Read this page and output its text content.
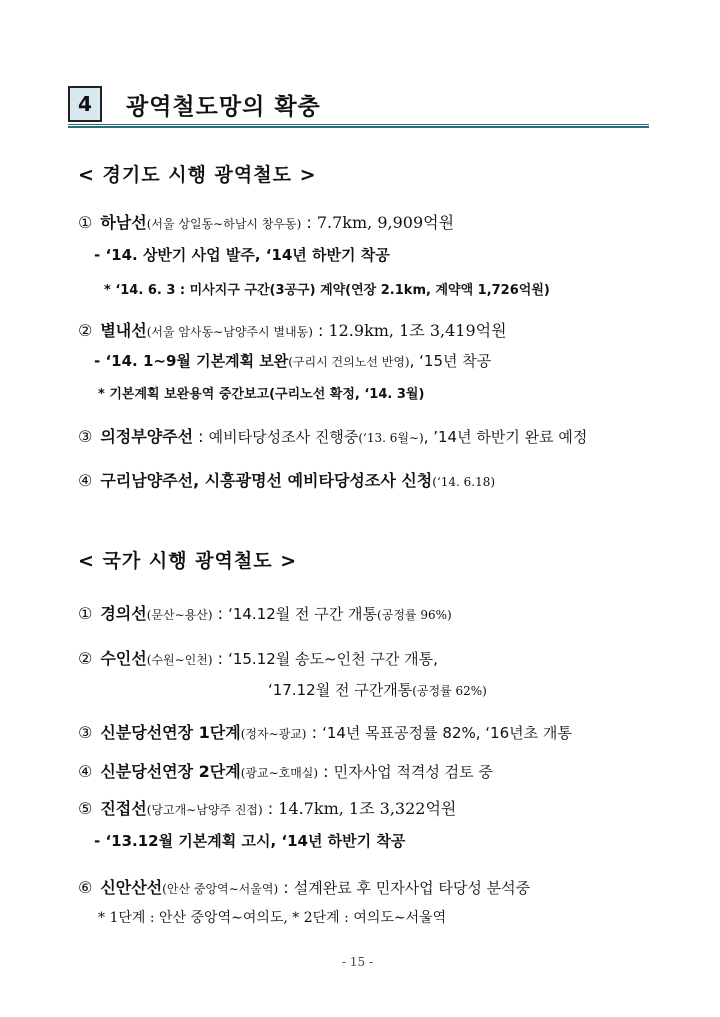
4 광역철도망의 확충
< 경기도 시행 광역철도 >
① 하남선(서울 상일동∼하남시 창우동) : 7.7km, 9,909억원
- ‘14. 상반기 사업 발주, ‘14년 하반기 착공
* ‘14. 6. 3 : 미사지구 구간(3공구) 계약(연장 2.1km, 계약액 1,726억원)
② 별내선(서울 암사동∼남양주시 별내동) : 12.9km, 1조 3,419억원
- ‘14. 1∼9월 기본계획 보완(구리시 건의노선 반영), ‘15년 착공
* 기본계획 보완용역 중간보고(구리노선 확정, ‘14. 3월)
③ 의정부양주선 : 예비타당성조사 진행중(‘13. 6월∼), ’14년 하반기 완료 예정
④ 구리남양주선, 시흥광명선 예비타당성조사 신청(‘14. 6.18)
< 국가 시행 광역철도 >
① 경의선(문산∼용산) : ‘14.12월 전 구간 개통(공정률 96%)
② 수인선(수원∼인천) : ‘15.12월 송도∼인천 구간 개통,
‘17.12월 전 구간개통(공정률 62%)
③ 신분당선연장 1단계(정자∼광교) : ‘14년 목표공정률 82%, ‘16년초 개통
④ 신분당선연장 2단계(광교∼호매실) : 민자사업 적격성 검토 중
⑤ 진접선(당고개∼남양주 진접) : 14.7km, 1조 3,322억원
- ‘13.12월 기본계획 고시, ‘14년 하반기 착공
⑥ 신안산선(안산 중앙역∼서울역) : 설계완료 후 민자사업 타당성 분석중
* 1단계 : 안산 중앙역∼여의도, * 2단계 : 여의도∼서울역
- 15 -
